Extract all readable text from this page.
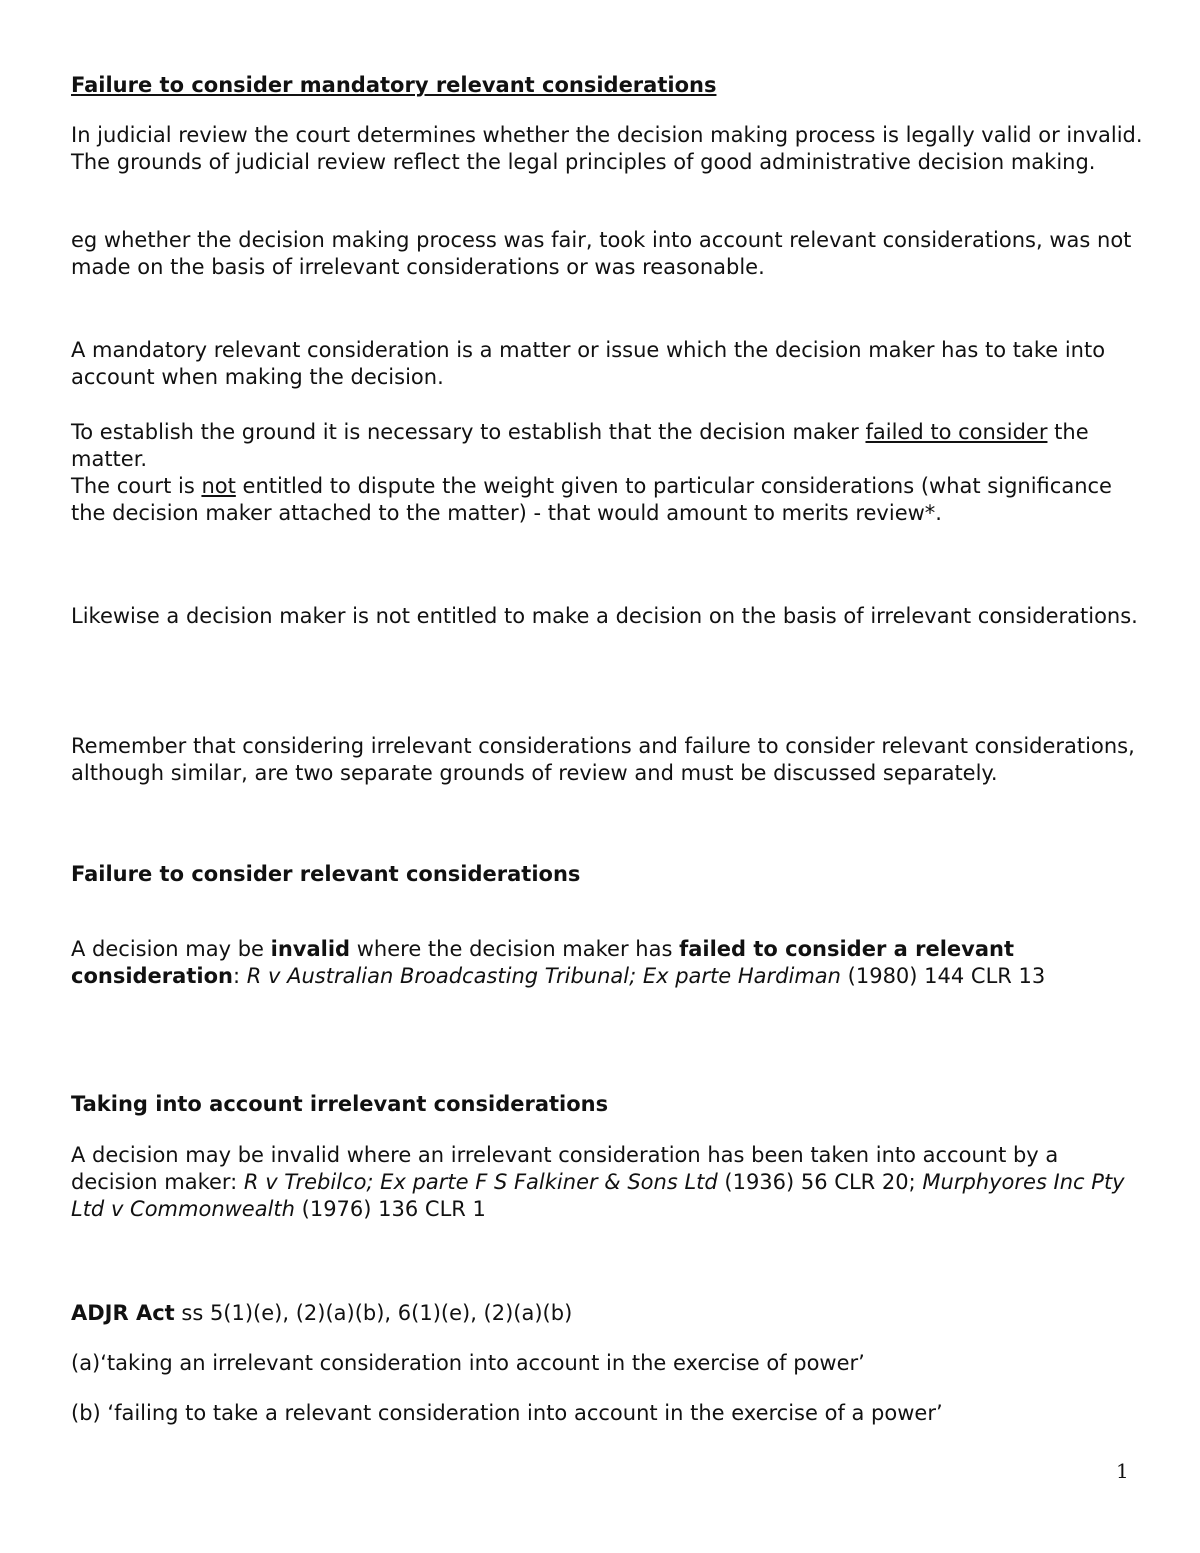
Failure to consider mandatory relevant considerations

In judicial review the court determines whether the decision making process is legally valid or invalid. The grounds of judicial review reflect the legal principles of good administrative decision making.

eg whether the decision making process was fair, took into account relevant considerations, was not made on the basis of irrelevant considerations or was reasonable.

A mandatory relevant consideration is a matter or issue which the decision maker has to take into account when making the decision.

To establish the ground it is necessary to establish that the decision maker failed to consider the matter.

The court is not entitled to dispute the weight given to particular considerations (what significance the decision maker attached to the matter) - that would amount to merits review*.

Likewise a decision maker is not entitled to make a decision on the basis of irrelevant considerations.

Remember that considering irrelevant considerations and failure to consider relevant considerations, although similar, are two separate grounds of review and must be discussed separately.

Failure to consider relevant considerations

A decision may be invalid where the decision maker has failed to consider a relevant consideration: R v Australian Broadcasting Tribunal; Ex parte Hardiman (1980) 144 CLR 13

Taking into account irrelevant considerations

A decision may be invalid where an irrelevant consideration has been taken into account by a decision maker: R v Trebilco; Ex parte F S Falkiner & Sons Ltd (1936) 56 CLR 20; Murphyores Inc Pty Ltd v Commonwealth (1976) 136 CLR 1

ADJR Act ss 5(1)(e), (2)(a)(b), 6(1)(e), (2)(a)(b)

(a)‘taking an irrelevant consideration into account in the exercise of power’

(b) ‘failing to take a relevant consideration into account in the exercise of a power’

1
